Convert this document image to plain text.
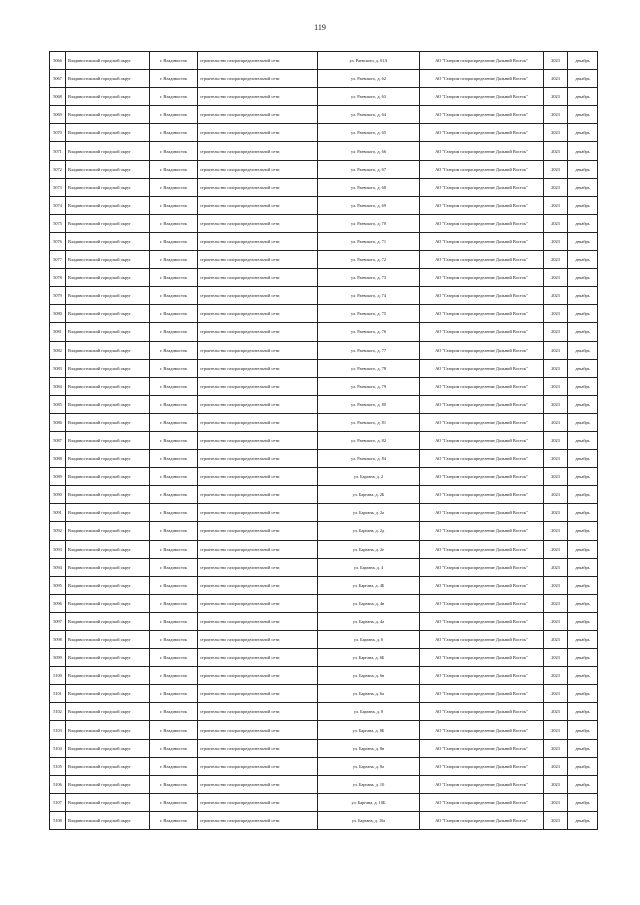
119
5066	Владивостокский городской округ	г. Владивосток	строительство газораспределительной сети	ул. Раевского, д. 61А	АО "Газпром газораспределение Дальний Восток"	2023	декабрь
5067	Владивостокский городской округ	г. Владивосток	строительство газораспределительной сети	ул. Раевского, д. 62	АО "Газпром газораспределение Дальний Восток"	2023	декабрь
5068	Владивостокский городской округ	г. Владивосток	строительство газораспределительной сети	ул. Раевского, д. 63	АО "Газпром газораспределение Дальний Восток"	2023	декабрь
5069	Владивостокский городской округ	г. Владивосток	строительство газораспределительной сети	ул. Раевского, д. 64	АО "Газпром газораспределение Дальний Восток"	2023	декабрь
5070	Владивостокский городской округ	г. Владивосток	строительство газораспределительной сети	ул. Раевского, д. 65	АО "Газпром газораспределение Дальний Восток"	2023	декабрь
5071	Владивостокский городской округ	г. Владивосток	строительство газораспределительной сети	ул. Раевского, д. 66	АО "Газпром газораспределение Дальний Восток"	2023	декабрь
5072	Владивостокский городской округ	г. Владивосток	строительство газораспределительной сети	ул. Раевского, д. 67	АО "Газпром газораспределение Дальний Восток"	2023	декабрь
5073	Владивостокский городской округ	г. Владивосток	строительство газораспределительной сети	ул. Раевского, д. 68	АО "Газпром газораспределение Дальний Восток"	2023	декабрь
5074	Владивостокский городской округ	г. Владивосток	строительство газораспределительной сети	ул. Раевского, д. 69	АО "Газпром газораспределение Дальний Восток"	2023	декабрь
5075	Владивостокский городской округ	г. Владивосток	строительство газораспределительной сети	ул. Раевского, д. 70	АО "Газпром газораспределение Дальний Восток"	2023	декабрь
5076	Владивостокский городской округ	г. Владивосток	строительство газораспределительной сети	ул. Раевского, д. 71	АО "Газпром газораспределение Дальний Восток"	2023	декабрь
5077	Владивостокский городской округ	г. Владивосток	строительство газораспределительной сети	ул. Раевского, д. 72	АО "Газпром газораспределение Дальний Восток"	2023	декабрь
5078	Владивостокский городской округ	г. Владивосток	строительство газораспределительной сети	ул. Раевского, д. 73	АО "Газпром газораспределение Дальний Восток"	2023	декабрь
5079	Владивостокский городской округ	г. Владивосток	строительство газораспределительной сети	ул. Раевского, д. 74	АО "Газпром газораспределение Дальний Восток"	2023	декабрь
5080	Владивостокский городской округ	г. Владивосток	строительство газораспределительной сети	ул. Раевского, д. 75	АО "Газпром газораспределение Дальний Восток"	2023	декабрь
5081	Владивостокский городской округ	г. Владивосток	строительство газораспределительной сети	ул. Раевского, д. 76	АО "Газпром газораспределение Дальний Восток"	2023	декабрь
5082	Владивостокский городской округ	г. Владивосток	строительство газораспределительной сети	ул. Раевского, д. 77	АО "Газпром газораспределение Дальний Восток"	2023	декабрь
5083	Владивостокский городской округ	г. Владивосток	строительство газораспределительной сети	ул. Раевского, д. 78	АО "Газпром газораспределение Дальний Восток"	2023	декабрь
5084	Владивостокский городской округ	г. Владивосток	строительство газораспределительной сети	ул. Раевского, д. 79	АО "Газпром газораспределение Дальний Восток"	2023	декабрь
5085	Владивостокский городской округ	г. Владивосток	строительство газораспределительной сети	ул. Раевского, д. 80	АО "Газпром газораспределение Дальний Восток"	2023	декабрь
5086	Владивостокский городской округ	г. Владивосток	строительство газораспределительной сети	ул. Раевского, д. 81	АО "Газпром газораспределение Дальний Восток"	2023	декабрь
5087	Владивостокский городской округ	г. Владивосток	строительство газораспределительной сети	ул. Раевского, д. 82	АО "Газпром газораспределение Дальний Восток"	2023	декабрь
5088	Владивостокский городской округ	г. Владивосток	строительство газораспределительной сети	ул. Раевского, д. 84	АО "Газпром газораспределение Дальний Восток"	2023	декабрь
5089	Владивостокский городской округ	г. Владивосток	строительство газораспределительной сети	ул. Баргана, д. 2	АО "Газпром газораспределение Дальний Восток"	2023	декабрь
5090	Владивостокский городской округ	г. Владивосток	строительство газораспределительной сети	ул. Баргана, д. 2Б	АО "Газпром газораспределение Дальний Восток"	2023	декабрь
5091	Владивостокский городской округ	г. Владивосток	строительство газораспределительной сети	ул. Баргана, д. 2а	АО "Газпром газораспределение Дальний Восток"	2023	декабрь
5092	Владивостокский городской округ	г. Владивосток	строительство газораспределительной сети	ул. Баргана, д. 2д	АО "Газпром газораспределение Дальний Восток"	2023	декабрь
5093	Владивостокский городской округ	г. Владивосток	строительство газораспределительной сети	ул. Баргана, д. 2е	АО "Газпром газораспределение Дальний Восток"	2023	декабрь
5094	Владивостокский городской округ	г. Владивосток	строительство газораспределительной сети	ул. Баргана, д. 4	АО "Газпром газораспределение Дальний Восток"	2023	декабрь
5095	Владивостокский городской округ	г. Владивосток	строительство газораспределительной сети	ул. Баргана, д. 4Б	АО "Газпром газораспределение Дальний Восток"	2023	декабрь
5096	Владивостокский городской округ	г. Владивосток	строительство газораспределительной сети	ул. Баргана, д. 4в	АО "Газпром газораспределение Дальний Восток"	2023	декабрь
5097	Владивостокский городской округ	г. Владивосток	строительство газораспределительной сети	ул. Баргана, д. 4а	АО "Газпром газораспределение Дальний Восток"	2023	декабрь
5098	Владивостокский городской округ	г. Владивосток	строительство газораспределительной сети	ул. Баргана, д. 6	АО "Газпром газораспределение Дальний Восток"	2023	декабрь
5099	Владивостокский городской округ	г. Владивосток	строительство газораспределительной сети	ул. Баргана, д. 6Б	АО "Газпром газораспределение Дальний Восток"	2023	декабрь
5100	Владивостокский городской округ	г. Владивосток	строительство газораспределительной сети	ул. Баргана, д. 6в	АО "Газпром газораспределение Дальний Восток"	2023	декабрь
5101	Владивостокский городской округ	г. Владивосток	строительство газораспределительной сети	ул. Баргана, д. 6а	АО "Газпром газораспределение Дальний Восток"	2023	декабрь
5102	Владивостокский городской округ	г. Владивосток	строительство газораспределительной сети	ул. Баргана, д. 8	АО "Газпром газораспределение Дальний Восток"	2023	декабрь
5103	Владивостокский городской округ	г. Владивосток	строительство газораспределительной сети	ул. Баргана, д. 8Б	АО "Газпром газораспределение Дальний Восток"	2023	декабрь
5104	Владивостокский городской округ	г. Владивосток	строительство газораспределительной сети	ул. Баргана, д. 8в	АО "Газпром газораспределение Дальний Восток"	2023	декабрь
5105	Владивостокский городской округ	г. Владивосток	строительство газораспределительной сети	ул. Баргана, д. 8а	АО "Газпром газораспределение Дальний Восток"	2023	декабрь
5106	Владивостокский городской округ	г. Владивосток	строительство газораспределительной сети	ул. Баргана, д. 10	АО "Газпром газораспределение Дальний Восток"	2023	декабрь
5107	Владивостокский городской округ	г. Владивосток	строительство газораспределительной сети	ул. Баргана, д. 10Б	АО "Газпром газораспределение Дальний Восток"	2023	декабрь
5108	Владивостокский городской округ	г. Владивосток	строительство газораспределительной сети	ул. Баргана, д. 10а	АО "Газпром газораспределение Дальний Восток"	2023	декабрь
